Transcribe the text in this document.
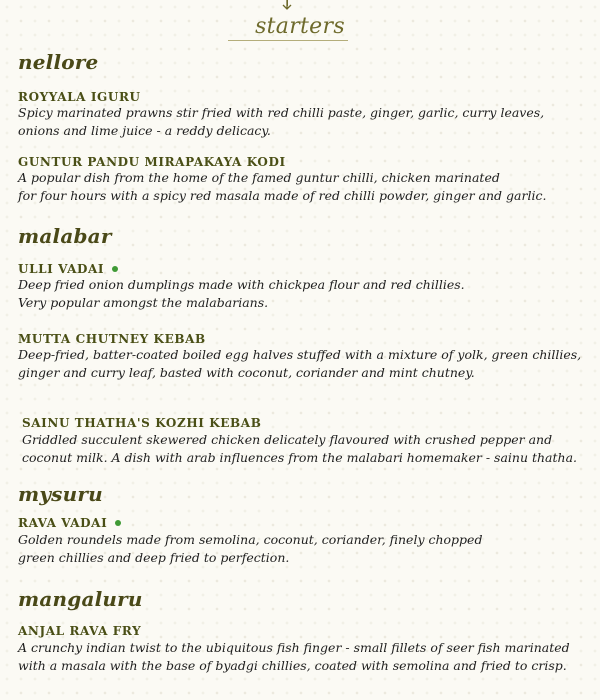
starters
nellore
ROYYALA IGURU
Spicy marinated prawns stir fried with red chilli paste, ginger, garlic, curry leaves,
onions and lime juice - a reddy delicacy.
GUNTUR PANDU MIRAPAKAYA KODI
A popular dish from the home of the famed guntur chilli, chicken marinated
for four hours with a spicy red masala made of red chilli powder, ginger and garlic.
malabar
ULLI VADAI
Deep fried onion dumplings made with chickpea flour and red chillies.
Very popular amongst the malabarians.
MUTTA CHUTNEY KEBAB
Deep-fried, batter-coated boiled egg halves stuffed with a mixture of yolk, green chillies,
ginger and curry leaf, basted with coconut, coriander and mint chutney.
SAINU THATHA'S KOZHI KEBAB
Griddled succulent skewered chicken delicately flavoured with crushed pepper and
coconut milk. A dish with arab influences from the malabari homemaker - sainu thatha.
mysuru
RAVA VADAI
Golden roundels made from semolina, coconut, coriander, finely chopped
green chillies and deep fried to perfection.
mangaluru
ANJAL RAVA FRY
A crunchy indian twist to the ubiquitous fish finger - small fillets of seer fish marinated
with a masala with the base of byadgi chillies, coated with semolina and fried to crisp.
